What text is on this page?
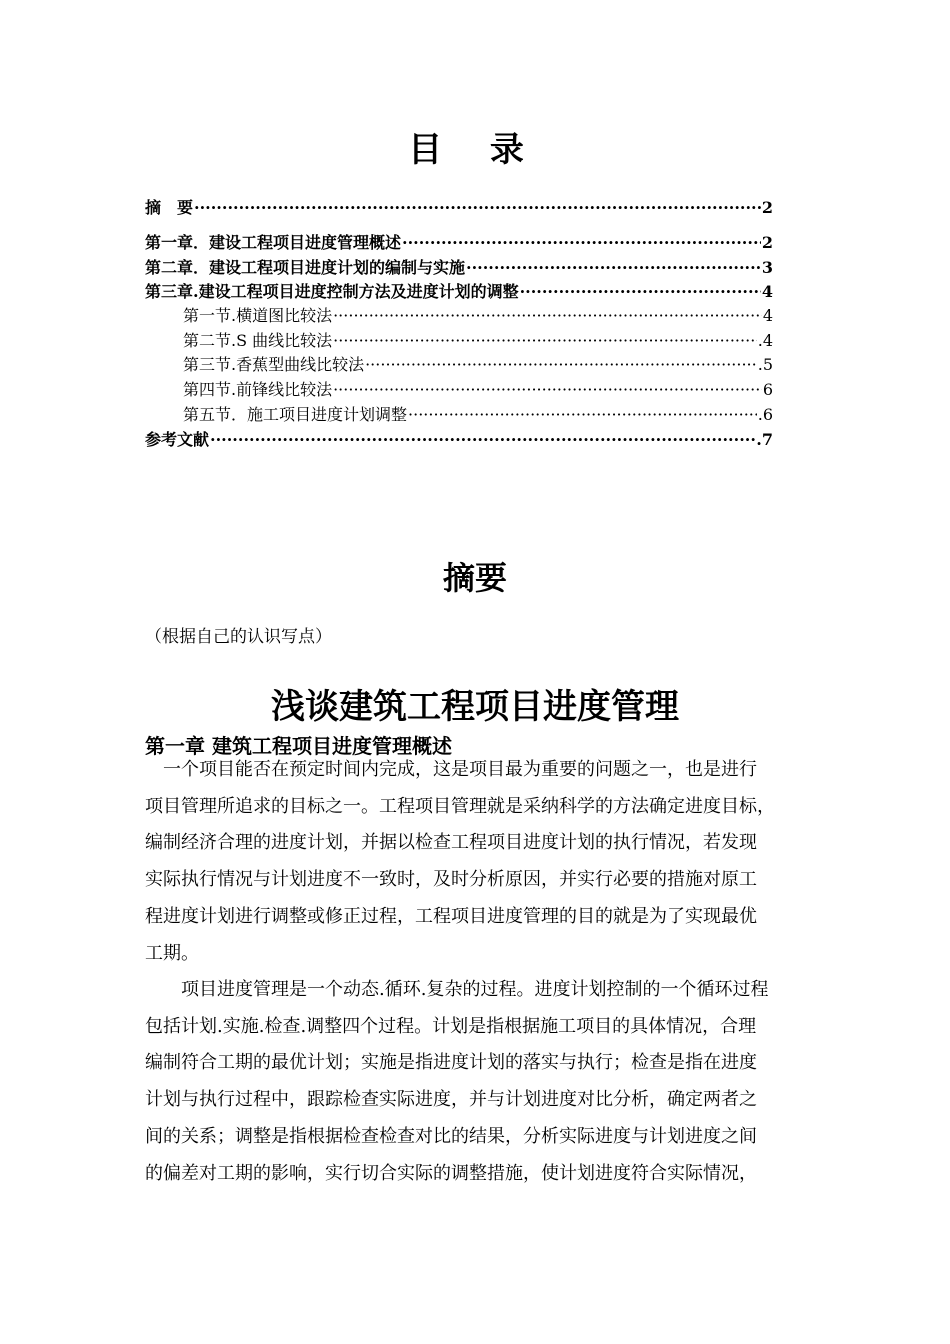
目 录
摘　要 ·····	2
第一章．建设工程项目进度管理概述 ·····	2
第二章．建设工程项目进度计划的编制与实施 ·····	3
第三章.建设工程项目进度控制方法及进度计划的调整 ·····	4
第一节.横道图比较法 ·····	4
第二节.S 曲线比较法 ·····	.4
第三节.香蕉型曲线比较法 ·····	.5
第四节.前锋线比较法 ·····	6
第五节．施工项目进度计划调整 ·····	.6
参考文献 ·····	.7
摘要
（根据自己的认识写点）
浅谈建筑工程项目进度管理
第一章 建筑工程项目进度管理概述
　一个项目能否在预定时间内完成，这是项目最为重要的问题之一，也是进行
项目管理所追求的目标之一。工程项目管理就是采纳科学的方法确定进度目标，
编制经济合理的进度计划，并据以检查工程项目进度计划的执行情况，若发现
实际执行情况与计划进度不一致时，及时分析原因，并实行必要的措施对原工
程进度计划进行调整或修正过程，工程项目进度管理的目的就是为了实现最优
工期。
　　项目进度管理是一个动态.循环.复杂的过程。进度计划控制的一个循环过程
包括计划.实施.检查.调整四个过程。计划是指根据施工项目的具体情况，合理
编制符合工期的最优计划；实施是指进度计划的落实与执行；检查是指在进度
计划与执行过程中，跟踪检查实际进度，并与计划进度对比分析，确定两者之
间的关系；调整是指根据检查检查对比的结果，分析实际进度与计划进度之间
的偏差对工期的影响，实行切合实际的调整措施，使计划进度符合实际情况，
